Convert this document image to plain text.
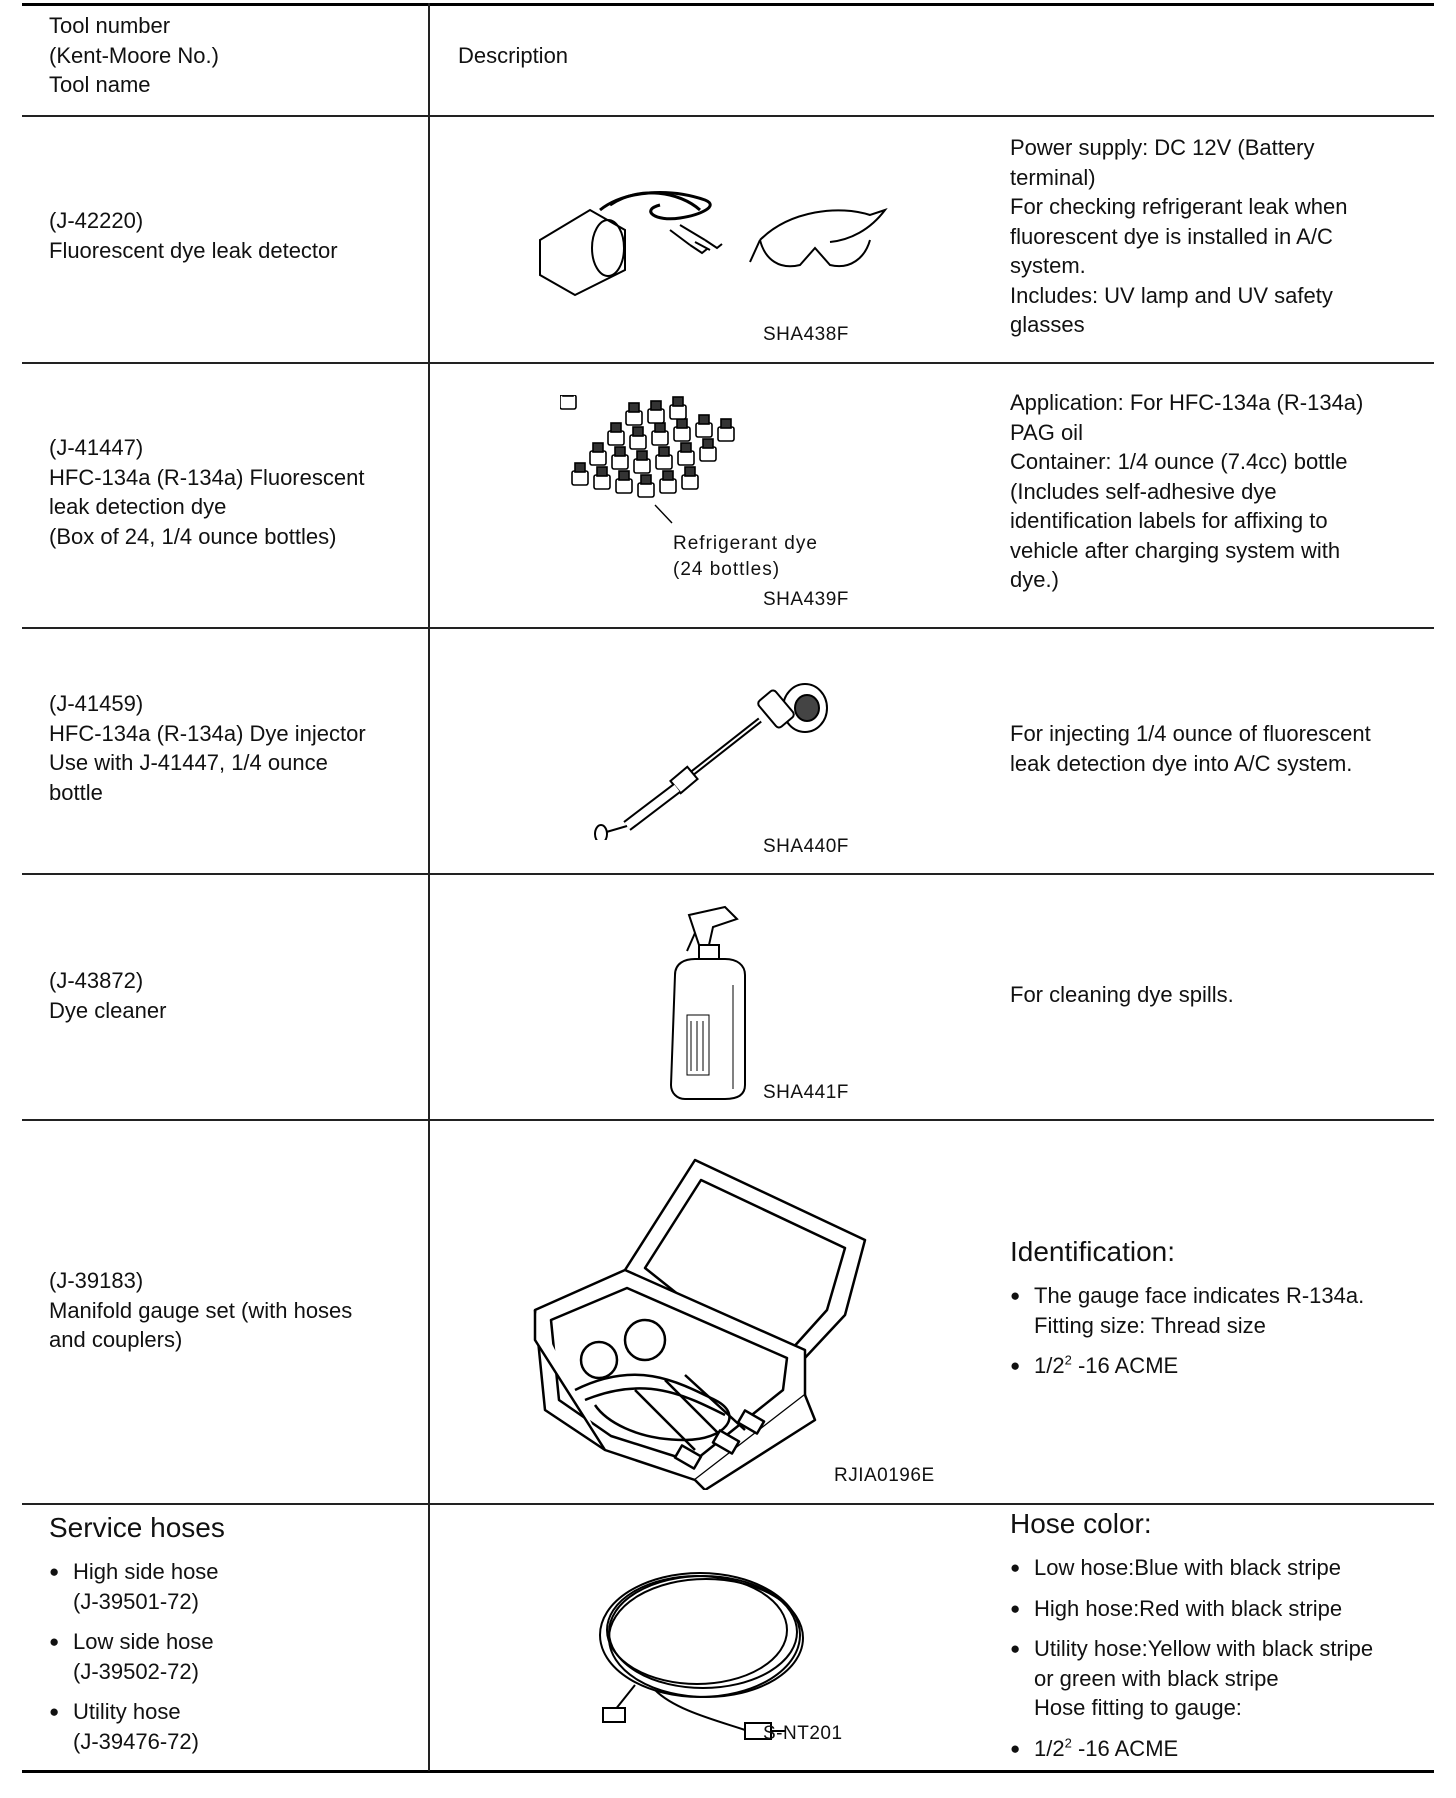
Tool number
(Kent-Moore No.)
Tool name
Description
(J-42220)
Fluorescent dye leak detector
SHA438F
Power supply: DC 12V (Battery
terminal)
For checking refrigerant leak when
fluorescent dye is installed in A/C
system.
Includes: UV lamp and UV safety
glasses
(J-41447)
HFC-134a (R-134a) Fluorescent
leak detection dye
(Box of 24, 1/4 ounce bottles)	Refrigerant dye
(24 bottles)
SHA439F
Application: For HFC-134a (R-134a)
PAG oil
Container: 1/4 ounce (7.4cc) bottle
(Includes self-adhesive dye
identification labels for affixing to
vehicle after charging system with
dye.)
(J-41459)
HFC-134a (R-134a) Dye injector
Use with J-41447, 1/4 ounce
bottle
SHA440F
For injecting 1/4 ounce of fluorescent
leak detection dye into A/C system.
(J-43872)
Dye cleaner
SHA441F
For cleaning dye spills.
(J-39183)
Manifold gauge set (with hoses
and couplers)
RJIA0196E
Identification:
● The gauge face indicates R-134a.
Fitting size: Thread size
● $1/2^2$ -16 ACME
Service hoses
● High side hose
(J-39501-72)
● Low side hose
(J-39502-72)
● Utility hose
(J-39476-72)	S-NT201
Hose color:
● Low hose:Blue with black stripe
● High hose:Red with black stripe
● Utility hose:Yellow with black stripe
or green with black stripe
Hose fitting to gauge:
● $1/2^2$ -16 ACME
